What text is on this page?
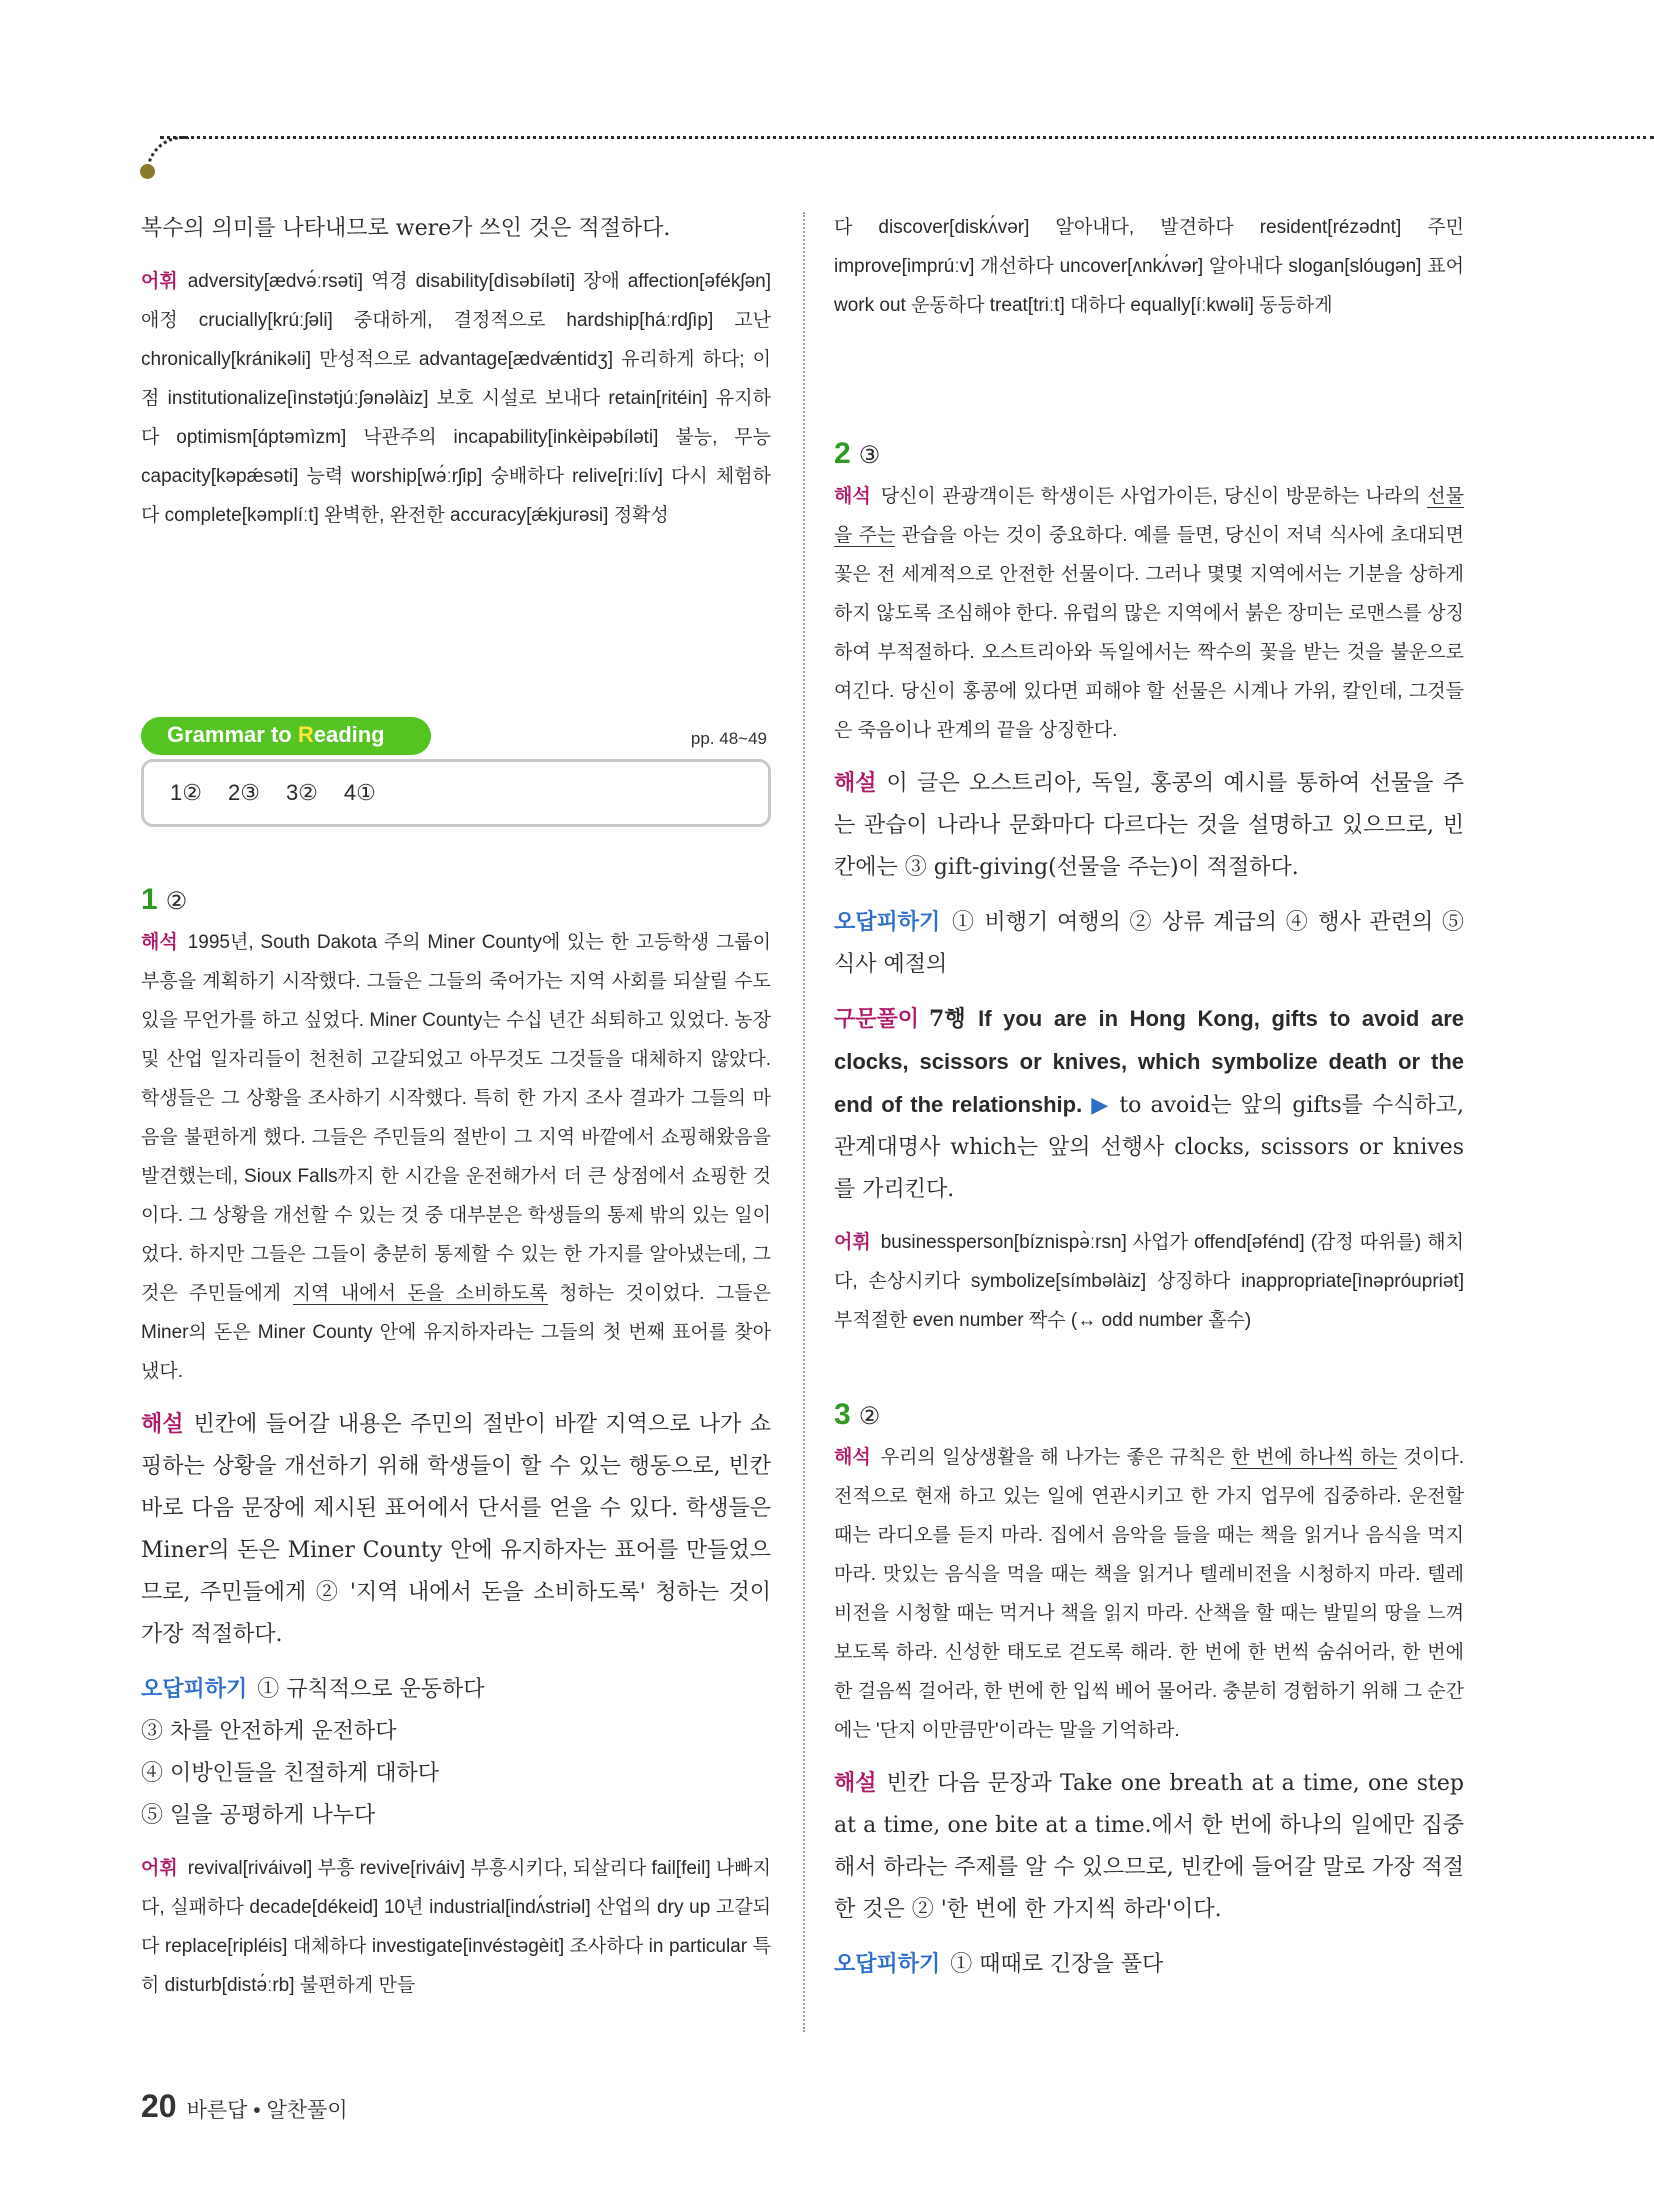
복수의 의미를 나타내므로 were가 쓰인 것은 적절하다.

어휘 adversity[ædvə́ːrsəti] 역경 disability[dìsəbíləti] 장애 affection[əfékʃən] 애정 crucially[krúːʃəli] 중대하게, 결정적으로 hardship[háːrdʃìp] 고난 chronically[kránikəli] 만성적으로 advantage[ædvǽntidʒ] 유리하게 하다; 이점 institutionalize[ìnstətjúːʃənəlàiz] 보호 시설로 보내다 retain[ritéin] 유지하다 optimism[ɑ́ptəmìzm] 낙관주의 incapability[inkèipəbíləti] 불능, 무능 capacity[kəpǽsəti] 능력 worship[wə́ːrʃip] 숭배하다 relive[riːlív] 다시 체험하다 complete[kəmplíːt] 완벽한, 완전한 accuracy[ǽkjurəsi] 정확성

Grammar to Reading	pp. 48~49
1② 2③ 3② 4①
1 ②

해석 1995년, South Dakota 주의 Miner County에 있는 한 고등학생 그룹이 부흥을 계획하기 시작했다. 그들은 그들의 죽어가는 지역 사회를 되살릴 수도 있을 무언가를 하고 싶었다. Miner County는 수십 년간 쇠퇴하고 있었다. 농장 및 산업 일자리들이 천천히 고갈되었고 아무것도 그것들을 대체하지 않았다. 학생들은 그 상황을 조사하기 시작했다. 특히 한 가지 조사 결과가 그들의 마음을 불편하게 했다. 그들은 주민들의 절반이 그 지역 바깥에서 쇼핑해왔음을 발견했는데, Sioux Falls까지 한 시간을 운전해가서 더 큰 상점에서 쇼핑한 것이다. 그 상황을 개선할 수 있는 것 중 대부분은 학생들의 통제 밖의 있는 일이었다. 하지만 그들은 그들이 충분히 통제할 수 있는 한 가지를 알아냈는데, 그것은 주민들에게 지역 내에서 돈을 소비하도록 청하는 것이었다. 그들은 Miner의 돈은 Miner County 안에 유지하자라는 그들의 첫 번째 표어를 찾아냈다.

해설 빈칸에 들어갈 내용은 주민의 절반이 바깥 지역으로 나가 쇼핑하는 상황을 개선하기 위해 학생들이 할 수 있는 행동으로, 빈칸 바로 다음 문장에 제시된 표어에서 단서를 얻을 수 있다. 학생들은 Miner의 돈은 Miner County 안에 유지하자는 표어를 만들었으므로, 주민들에게 ② '지역 내에서 돈을 소비하도록' 청하는 것이 가장 적절하다.

오답피하기 ① 규칙적으로 운동하다
③ 차를 안전하게 운전하다
④ 이방인들을 친절하게 대하다
⑤ 일을 공평하게 나누다

어휘 revival[riváivəl] 부흥 revive[riváiv] 부흥시키다, 되살리다 fail[feil] 나빠지다, 실패하다 decade[dékeid] 10년 industrial[indʌ́striəl] 산업의 dry up 고갈되다 replace[ripléis] 대체하다 investigate[invéstəgèit] 조사하다 in particular 특히 disturb[distə́ːrb] 불편하게 만들

다 discover[diskʌ́vər] 알아내다, 발견하다 resident[rézədnt] 주민 improve[imprúːv] 개선하다 uncover[ʌnkʌ́vər] 알아내다 slogan[slóugən] 표어 work out 운동하다 treat[triːt] 대하다 equally[íːkwəli] 동등하게

2 ③

해석 당신이 관광객이든 학생이든 사업가이든, 당신이 방문하는 나라의 선물을 주는 관습을 아는 것이 중요하다. 예를 들면, 당신이 저녁 식사에 초대되면 꽃은 전 세계적으로 안전한 선물이다. 그러나 몇몇 지역에서는 기분을 상하게 하지 않도록 조심해야 한다. 유럽의 많은 지역에서 붉은 장미는 로맨스를 상징하여 부적절하다. 오스트리아와 독일에서는 짝수의 꽃을 받는 것을 불운으로 여긴다. 당신이 홍콩에 있다면 피해야 할 선물은 시계나 가위, 칼인데, 그것들은 죽음이나 관계의 끝을 상징한다.

해설 이 글은 오스트리아, 독일, 홍콩의 예시를 통하여 선물을 주는 관습이 나라나 문화마다 다르다는 것을 설명하고 있으므로, 빈칸에는 ③ gift-giving(선물을 주는)이 적절하다.

오답피하기 ① 비행기 여행의 ② 상류 계급의 ④ 행사 관련의 ⑤ 식사 예절의

구문풀이 7행 If you are in Hong Kong, gifts to avoid are clocks, scissors or knives, which symbolize death or the end of the relationship. ▶ to avoid는 앞의 gifts를 수식하고, 관계대명사 which는 앞의 선행사 clocks, scissors or knives를 가리킨다.

어휘 businessperson[bíznispə̀ːrsn] 사업가 offend[əfénd] (감정 따위를) 해치다, 손상시키다 symbolize[símbəlàiz] 상징하다 inappropriate[ìnəpróupriət] 부적절한 even number 짝수 (↔ odd number 홀수)

3 ②

해석 우리의 일상생활을 해 나가는 좋은 규칙은 한 번에 하나씩 하는 것이다. 전적으로 현재 하고 있는 일에 연관시키고 한 가지 업무에 집중하라. 운전할 때는 라디오를 듣지 마라. 집에서 음악을 들을 때는 책을 읽거나 음식을 먹지 마라. 맛있는 음식을 먹을 때는 책을 읽거나 텔레비전을 시청하지 마라. 텔레비전을 시청할 때는 먹거나 책을 읽지 마라. 산책을 할 때는 발밑의 땅을 느껴 보도록 하라. 신성한 태도로 걷도록 해라. 한 번에 한 번씩 숨쉬어라, 한 번에 한 걸음씩 걸어라, 한 번에 한 입씩 베어 물어라. 충분히 경험하기 위해 그 순간에는 '단지 이만큼만'이라는 말을 기억하라.

해설 빈칸 다음 문장과 Take one breath at a time, one step at a time, one bite at a time.에서 한 번에 하나의 일에만 집중해서 하라는 주제를 알 수 있으므로, 빈칸에 들어갈 말로 가장 적절한 것은 ② '한 번에 한 가지씩 하라'이다.

오답피하기 ① 때때로 긴장을 풀다

20 바른답 • 알찬풀이
